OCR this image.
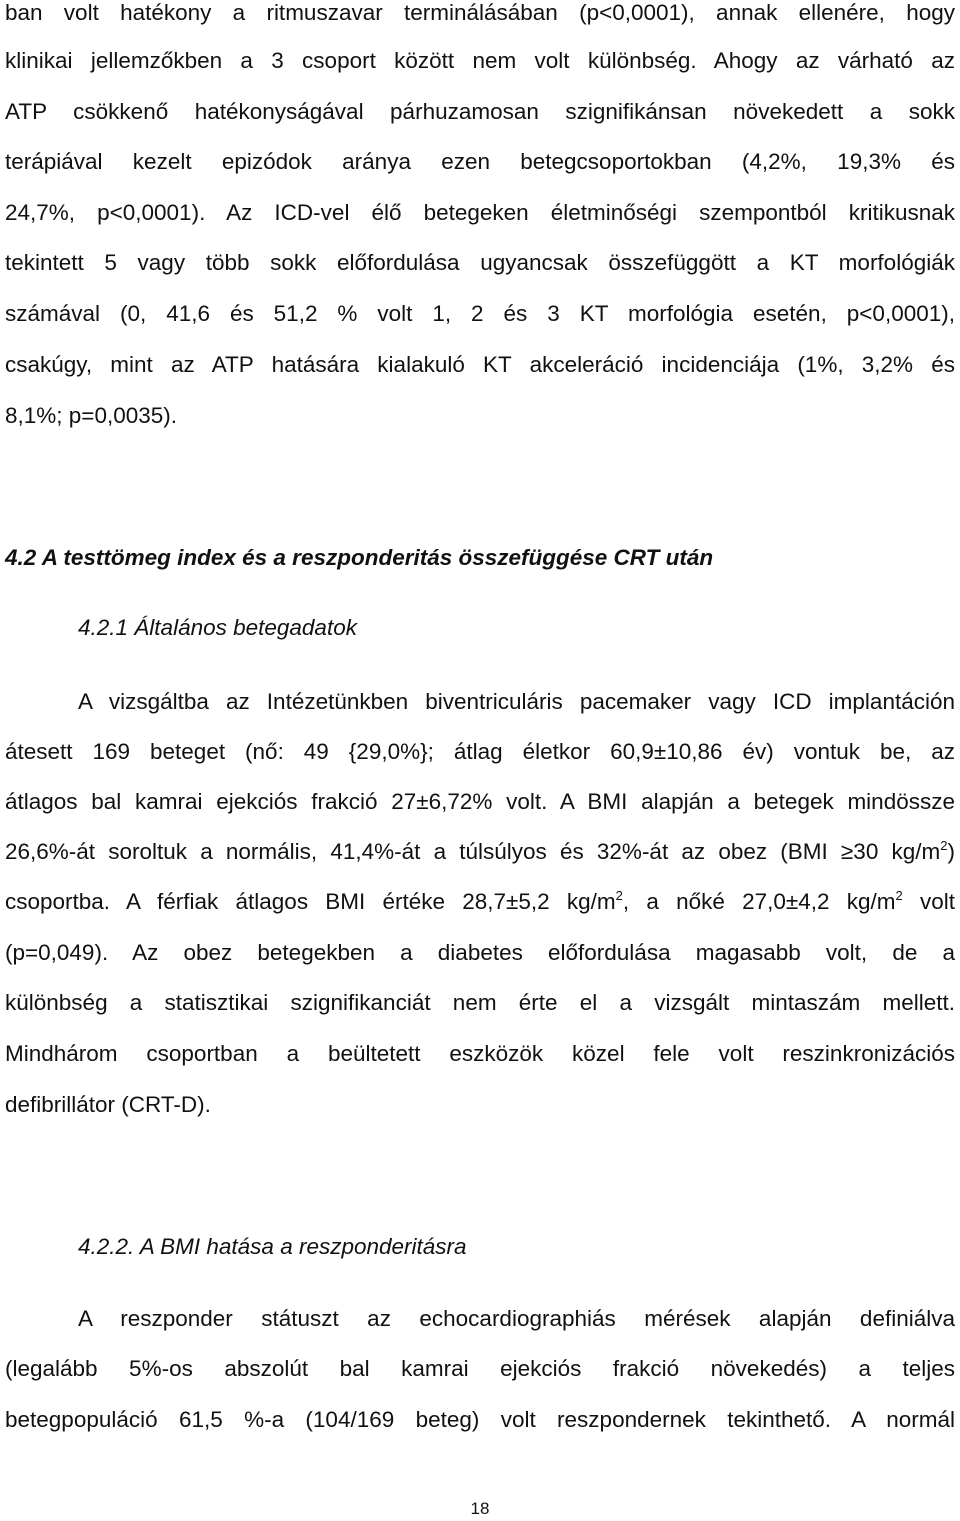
ban volt hatékony a ritmuszavar terminálásában (p<0,0001), annak ellenére, hogy
klinikai jellemzőkben a 3 csoport között nem volt különbség. Ahogy az várható az
ATP csökkenő hatékonyságával párhuzamosan szignifikánsan növekedett a sokk
terápiával kezelt epizódok aránya ezen betegcsoportokban (4,2%, 19,3% és
24,7%, p<0,0001). Az ICD-vel élő betegeken életminőségi szempontból kritikusnak
tekintett 5 vagy több sokk előfordulása ugyancsak összefüggött a KT morfológiák
számával (0, 41,6 és 51,2 % volt 1, 2 és 3 KT morfológia esetén, p<0,0001),
csakúgy, mint az ATP hatására kialakuló KT akceleráció incidenciája (1%, 3,2% és
8,1%; p=0,0035).
4.2 A testtömeg index és a reszponderitás összefüggése CRT után
4.2.1 Általános betegadatok
A vizsgáltba az Intézetünkben biventriculáris pacemaker vagy ICD implantáción
átesett 169 beteget (nő: 49 {29,0%}; átlag életkor 60,9±10,86 év) vontuk be, az
átlagos bal kamrai ejekciós frakció 27±6,72% volt. A BMI alapján a betegek mindössze
26,6%-át soroltuk a normális, 41,4%-át a túlsúlyos és 32%-át az obez (BMI ≥30 $kg/m^2$)
csoportba. A férfiak átlagos BMI értéke 28,7±5,2 $kg/m^2$, a nőké 27,0±4,2 $kg/m^2$ volt
(p=0,049). Az obez betegekben a diabetes előfordulása magasabb volt, de a
különbség a statisztikai szignifikanciát nem érte el a vizsgált mintaszám mellett.
Mindhárom csoportban a beültetett eszközök közel fele volt reszinkronizációs
defibrillátor (CRT-D).
4.2.2. A BMI hatása a reszponderitásra
A reszponder státuszt az echocardiographiás mérések alapján definiálva
(legalább 5%-os abszolút bal kamrai ejekciós frakció növekedés) a teljes
betegpopuláció 61,5 %-a (104/169 beteg) volt reszpondernek tekinthető. A normál
18
